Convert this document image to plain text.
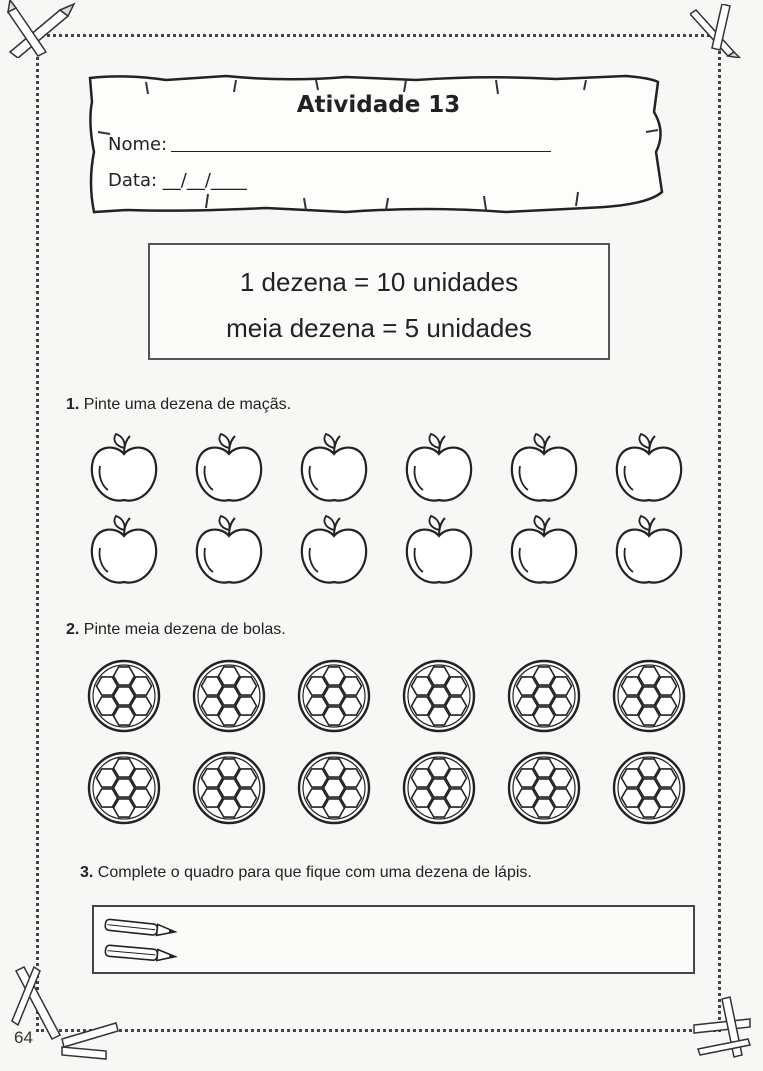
Atividade 13
Nome:
Data: __/__/____
1 dezena = 10 unidades
meia dezena = 5 unidades
1. Pinte uma dezena de maçãs.
2. Pinte meia dezena de bolas.
3. Complete o quadro para que fique com uma dezena de lápis.
64
